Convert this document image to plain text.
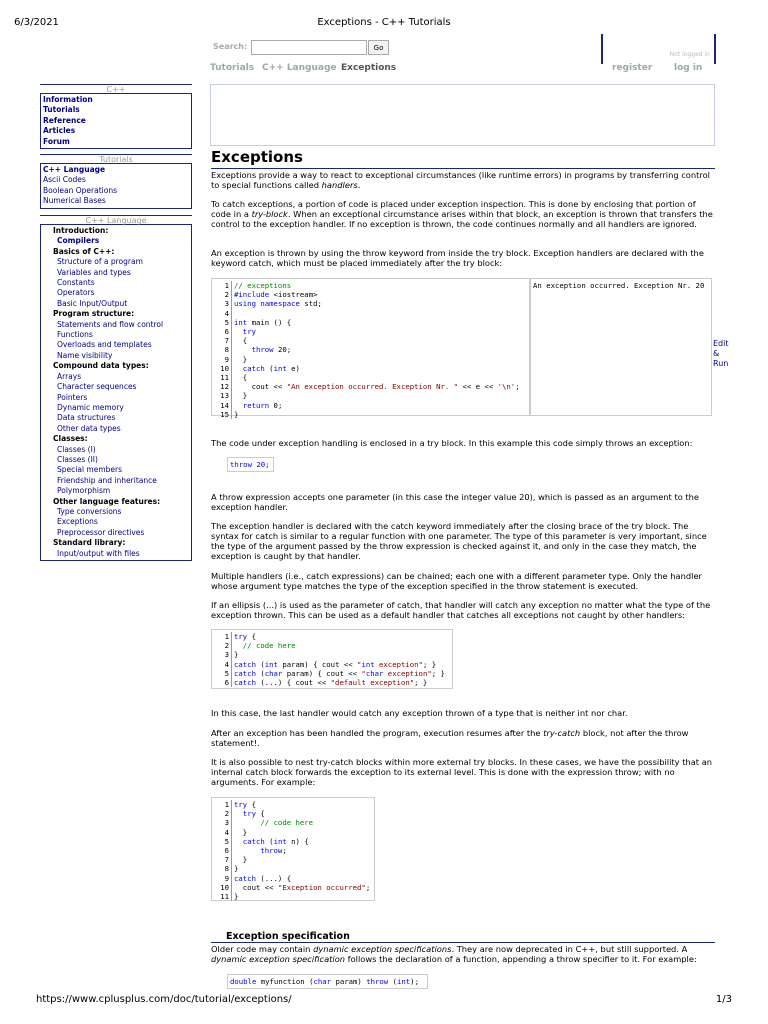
6/3/2021	Exceptions - C++ Tutorials
Search:	Go
Not logged in
Tutorials C++ Language Exceptions	register log in
C++
Information
Tutorials
Reference
Articles
Forum
Tutorials
C++ Language
Ascii Codes
Boolean Operations
Numerical Bases
C++ Language
Introduction:
Compilers
Basics of C++:
Structure of a program
Variables and types
Constants
Operators
Basic Input/Output
Program structure:
Statements and flow control
Functions
Overloads and templates
Name visibility
Compound data types:
Arrays
Character sequences
Pointers
Dynamic memory
Data structures
Other data types
Classes:
Classes (I)
Classes (II)
Special members
Friendship and inheritance
Polymorphism
Other language features:
Type conversions
Exceptions
Preprocessor directives
Standard library:
Input/output with files
Exceptions
Exceptions provide a way to react to exceptional circumstances (like runtime errors) in programs by transferring control to special functions called handlers.
To catch exceptions, a portion of code is placed under exception inspection. This is done by enclosing that portion of code in a try-block. When an exceptional circumstance arises within that block, an exception is thrown that transfers the control to the exception handler. If no exception is thrown, the code continues normally and all handlers are ignored.
An exception is thrown by using the throw keyword from inside the try block. Exception handlers are declared with the keyword catch, which must be placed immediately after the try block:
1
2
3
4
5
6
7
8
9
10
11
12
13
14
15
// exceptions
#include <iostream>
using namespace std;
int main () {
try
{
throw 20;
}
catch (int e)
{
cout << "An exception occurred. Exception Nr. " << e << '\n';
}
return 0;
}
An exception occurred. Exception Nr. 20
Edit
&
Run
The code under exception handling is enclosed in a try block. In this example this code simply throws an exception:
throw 20;
A throw expression accepts one parameter (in this case the integer value 20), which is passed as an argument to the exception handler.
The exception handler is declared with the catch keyword immediately after the closing brace of the try block. The syntax for catch is similar to a regular function with one parameter. The type of this parameter is very important, since the type of the argument passed by the throw expression is checked against it, and only in the case they match, the exception is caught by that handler.
Multiple handlers (i.e., catch expressions) can be chained; each one with a different parameter type. Only the handler whose argument type matches the type of the exception specified in the throw statement is executed.
If an ellipsis (...) is used as the parameter of catch, that handler will catch any exception no matter what the type of the exception thrown. This can be used as a default handler that catches all exceptions not caught by other handlers:
1
2
3
4
5
6
try {
// code here
}
catch (int param) { cout << "int exception"; }
catch (char param) { cout << "char exception"; }
catch (...) { cout << "default exception"; }
In this case, the last handler would catch any exception thrown of a type that is neither int nor char.
After an exception has been handled the program, execution resumes after the try-catch block, not after the throw statement!.
It is also possible to nest try-catch blocks within more external try blocks. In these cases, we have the possibility that an internal catch block forwards the exception to its external level. This is done with the expression throw; with no arguments. For example:
1
2
3
4
5
6
7
8
9
10
11
try {
try {
// code here
}
catch (int n) {
throw;
}
}
catch (...) {
cout << "Exception occurred";
}
Exception specification
Older code may contain dynamic exception specifications. They are now deprecated in C++, but still supported. A dynamic exception specification follows the declaration of a function, appending a throw specifier to it. For example:
double myfunction (char param) throw (int);
https://www.cplusplus.com/doc/tutorial/exceptions/	1/3
